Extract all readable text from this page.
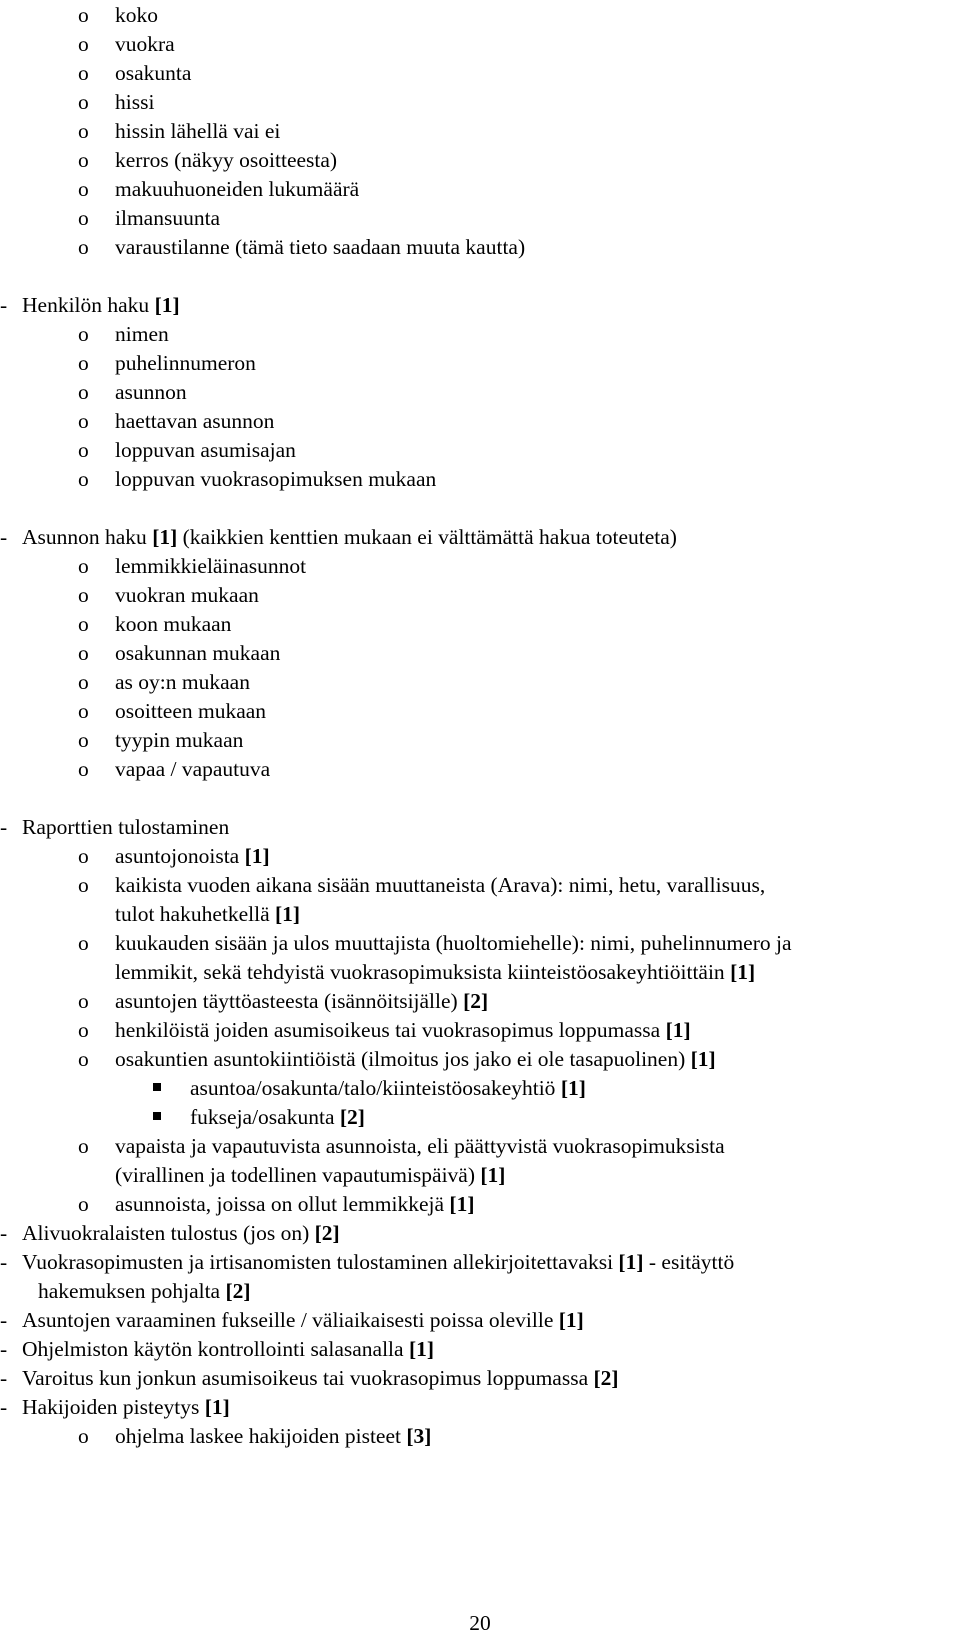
o koko
o vuokra
o osakunta
o hissi
o hissin lähellä vai ei
o kerros (näkyy osoitteesta)
o makuuhuoneiden lukumäärä
o ilmansuunta
o varaustilanne (tämä tieto saadaan muuta kautta)
- Henkilön haku [1]
o nimen
o puhelinnumeron
o asunnon
o haettavan asunnon
o loppuvan asumisajan
o loppuvan vuokrasopimuksen mukaan
- Asunnon haku [1] (kaikkien kenttien mukaan ei välttämättä hakua toteuteta)
o lemmikkieläinasunnot
o vuokran mukaan
o koon mukaan
o osakunnan mukaan
o as oy:n mukaan
o osoitteen mukaan
o tyypin mukaan
o vapaa / vapautuva
- Raporttien tulostaminen
o asuntojonoista [1]
o kaikista vuoden aikana sisään muuttaneista (Arava): nimi, hetu, varallisuus,
tulot hakuhetkellä [1]
o kuukauden sisään ja ulos muuttajista (huoltomiehelle): nimi, puhelinnumero ja
lemmikit, sekä tehdyistä vuokrasopimuksista kiinteistöosakeyhtiöittäin [1]
o asuntojen täyttöasteesta (isännöitsijälle) [2]
o henkilöistä joiden asumisoikeus tai vuokrasopimus loppumassa [1]
o osakuntien asuntokiintiöistä (ilmoitus jos jako ei ole tasapuolinen) [1]
asuntoa/osakunta/talo/kiinteistöosakeyhtiö [1]
fukseja/osakunta [2]
o vapaista ja vapautuvista asunnoista, eli päättyvistä vuokrasopimuksista
(virallinen ja todellinen vapautumispäivä) [1]
o asunnoista, joissa on ollut lemmikkejä [1]
- Alivuokralaisten tulostus (jos on) [2]
- Vuokrasopimusten ja irtisanomisten tulostaminen allekirjoitettavaksi [1] - esitäyttö
hakemuksen pohjalta [2]
- Asuntojen varaaminen fukseille / väliaikaisesti poissa oleville [1]
- Ohjelmiston käytön kontrollointi salasanalla [1]
- Varoitus kun jonkun asumisoikeus tai vuokrasopimus loppumassa [2]
- Hakijoiden pisteytys [1]
o ohjelma laskee hakijoiden pisteet [3]
20
